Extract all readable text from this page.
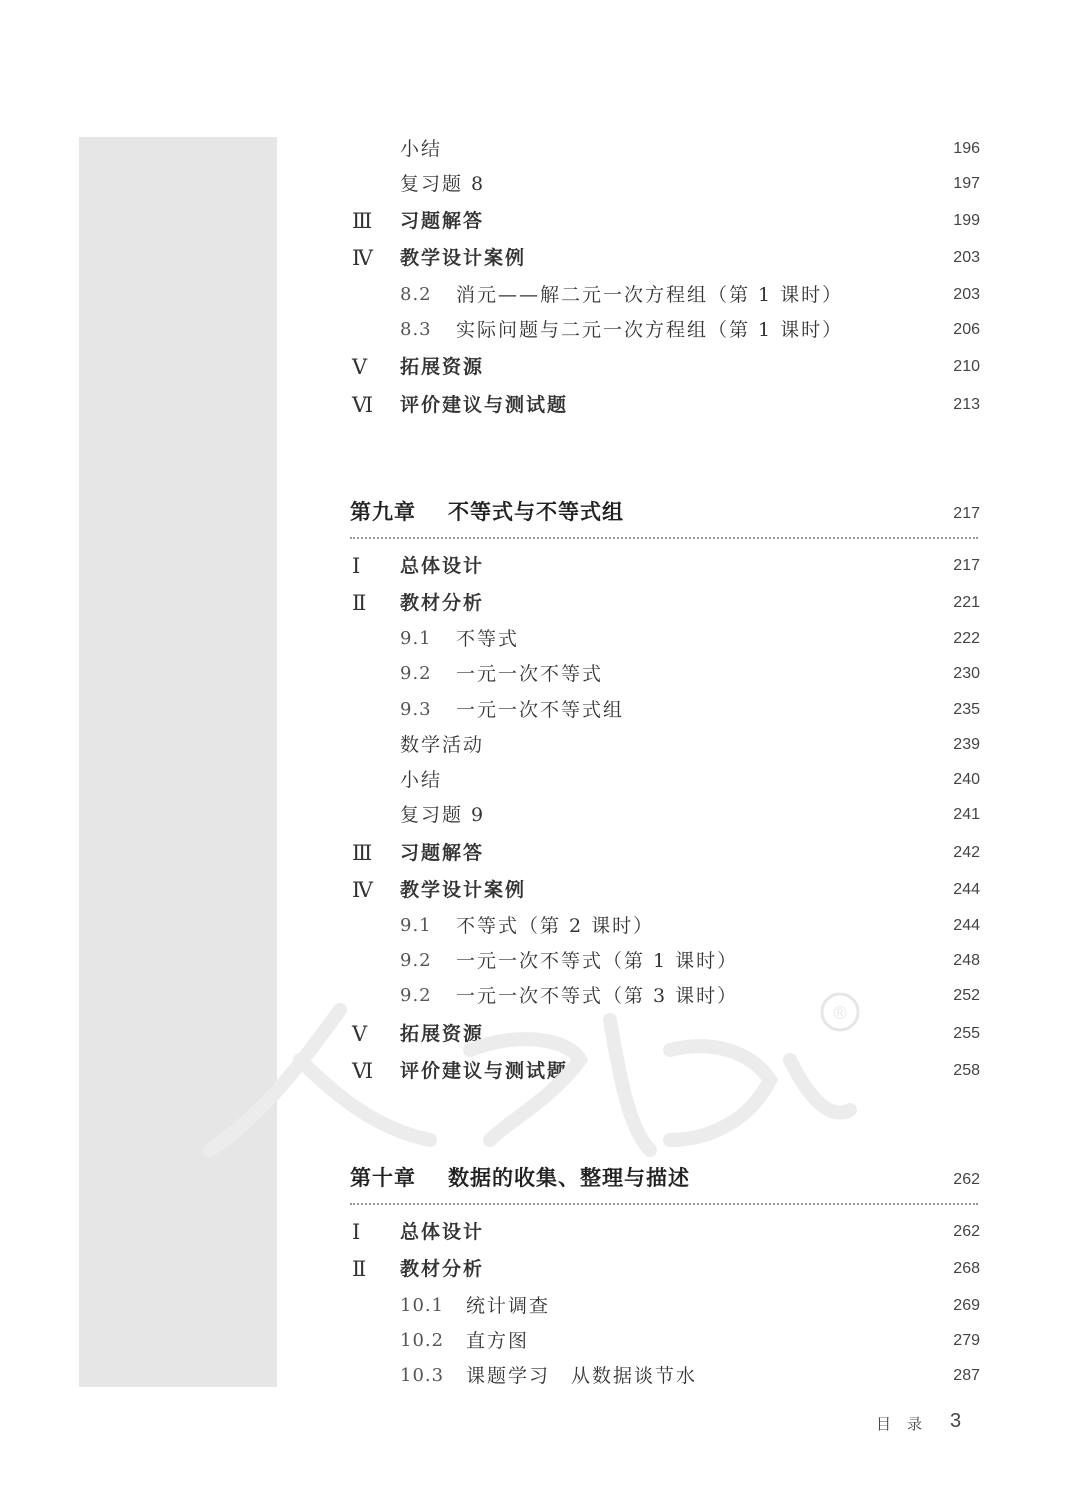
小结	196
复习题 8	197
Ⅲ 习题解答	199
Ⅳ 教学设计案例	203
8.2 消元——解二元一次方程组（第 1 课时）	203
8.3 实际问题与二元一次方程组（第 1 课时）	206
Ⅴ 拓展资源	210
Ⅵ 评价建议与测试题	213
第九章 不等式与不等式组	217
Ⅰ 总体设计	217
Ⅱ 教材分析	221
9.1 不等式	222
9.2 一元一次不等式	230
9.3 一元一次不等式组	235
数学活动	239
小结	240
复习题 9	241
Ⅲ 习题解答	242
Ⅳ 教学设计案例	244
9.1 不等式（第 2 课时）	244
9.2 一元一次不等式（第 1 课时）	248
9.2 一元一次不等式（第 3 课时）	252
Ⅴ 拓展资源	255
Ⅵ 评价建议与测试题	258
®
第十章 数据的收集、整理与描述	262
Ⅰ 总体设计	262
Ⅱ 教材分析	268
10.1 统计调查	269
10.2 直方图	279
10.3 课题学习　从数据谈节水	287
目录 3
